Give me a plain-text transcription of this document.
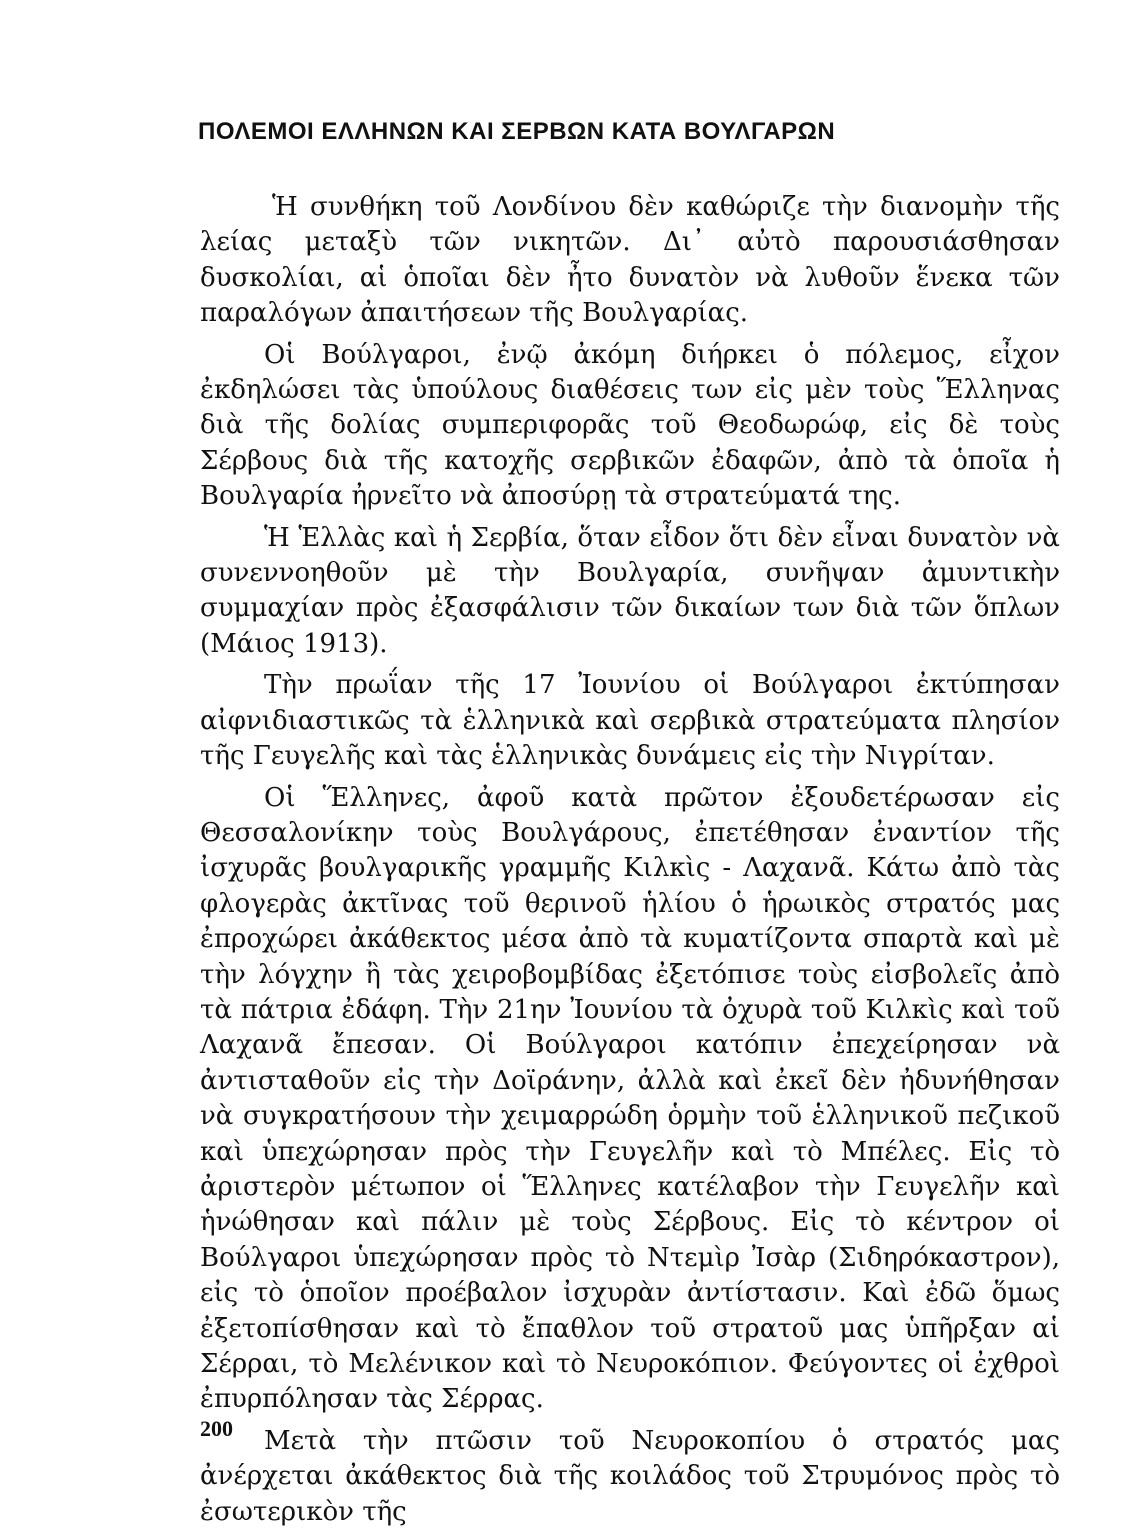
ΠΟΛΕΜΟΙ ΕΛΛΗΝΩΝ ΚΑΙ ΣΕΡΒΩΝ ΚΑΤΑ ΒΟΥΛΓΑΡΩΝ

Ἡ συνθήκη τοῦ Λονδίνου δὲν καθώριζε τὴν διανομὴν τῆς λείας μεταξὺ τῶν νικητῶν. Δι᾽ αὐτὸ παρουσιάσθησαν δυσκολίαι, αἱ ὁποῖαι δὲν ἦτο δυνατὸν νὰ λυθοῦν ἕνεκα τῶν παραλόγων ἀπαιτήσεων τῆς Βουλγαρίας.

Οἱ Βούλγαροι, ἐνῷ ἀκόμη διήρκει ὁ πόλεμος, εἶχον ἐκδηλώσει τὰς ὑπούλους διαθέσεις των εἰς μὲν τοὺς Ἕλληνας διὰ τῆς δολίας συμπεριφορᾶς τοῦ Θεοδωρώφ, εἰς δὲ τοὺς Σέρβους διὰ τῆς κατοχῆς σερβικῶν ἐδαφῶν, ἀπὸ τὰ ὁποῖα ἡ Βουλγαρία ἠρνεῖτο νὰ ἀποσύρῃ τὰ στρατεύματά της.

Ἡ Ἑλλὰς καὶ ἡ Σερβία, ὅταν εἶδον ὅτι δὲν εἶναι δυνατὸν νὰ συνεννοηθοῦν μὲ τὴν Βουλγαρία, συνῆψαν ἀμυντικὴν συμμαχίαν πρὸς ἐξασφάλισιν τῶν δικαίων των διὰ τῶν ὅπλων (Μάιος 1913).

Τὴν πρωΐαν τῆς 17 Ἰουνίου οἱ Βούλγαροι ἐκτύπησαν αἰφνιδιαστικῶς τὰ ἑλληνικὰ καὶ σερβικὰ στρατεύματα πλησίον τῆς Γευγελῆς καὶ τὰς ἑλληνικὰς δυνάμεις εἰς τὴν Νιγρίταν.

Οἱ Ἕλληνες, ἀφοῦ κατὰ πρῶτον ἐξουδετέρωσαν εἰς Θεσσαλονίκην τοὺς Βουλγάρους, ἐπετέθησαν ἐναντίον τῆς ἰσχυρᾶς βουλγαρικῆς γραμμῆς Κιλκὶς - Λαχανᾶ. Κάτω ἀπὸ τὰς φλογερὰς ἀκτῖνας τοῦ θερινοῦ ἡλίου ὁ ἡρωικὸς στρατός μας ἐπροχώρει ἀκάθεκτος μέσα ἀπὸ τὰ κυματίζοντα σπαρτὰ καὶ μὲ τὴν λόγχην ἢ τὰς χειροβομβίδας ἐξετόπισε τοὺς εἰσβολεῖς ἀπὸ τὰ πάτρια ἐδάφη. Τὴν 21ην Ἰουνίου τὰ ὀχυρὰ τοῦ Κιλκὶς καὶ τοῦ Λαχανᾶ ἔπεσαν. Οἱ Βούλγαροι κατόπιν ἐπεχείρησαν νὰ ἀντισταθοῦν εἰς τὴν Δοϊράνην, ἀλλὰ καὶ ἐκεῖ δὲν ἠδυνήθησαν νὰ συγκρατήσουν τὴν χειμαρρώδη ὁρμὴν τοῦ ἑλληνικοῦ πεζικοῦ καὶ ὑπεχώρησαν πρὸς τὴν Γευγελῆν καὶ τὸ Μπέλες. Εἰς τὸ ἀριστερὸν μέτωπον οἱ Ἕλληνες κατέλαβον τὴν Γευγελῆν καὶ ἡνώθησαν καὶ πάλιν μὲ τοὺς Σέρβους. Εἰς τὸ κέντρον οἱ Βούλγαροι ὑπεχώρησαν πρὸς τὸ Ντεμὶρ Ἰσὰρ (Σιδηρόκαστρον), εἰς τὸ ὁποῖον προέβαλον ἰσχυρὰν ἀντίστασιν. Καὶ ἐδῶ ὅμως ἐξετοπίσθησαν καὶ τὸ ἔπαθλον τοῦ στρατοῦ μας ὑπῆρξαν αἱ Σέρραι, τὸ Μελένικον καὶ τὸ Νευροκόπιον. Φεύγοντες οἱ ἐχθροὶ ἐπυρπόλησαν τὰς Σέρρας.

Μετὰ τὴν πτῶσιν τοῦ Νευροκοπίου ὁ στρατός μας ἀνέρχεται ἀκάθεκτος διὰ τῆς κοιλάδος τοῦ Στρυμόνος πρὸς τὸ ἐσωτερικὸν τῆς

200
